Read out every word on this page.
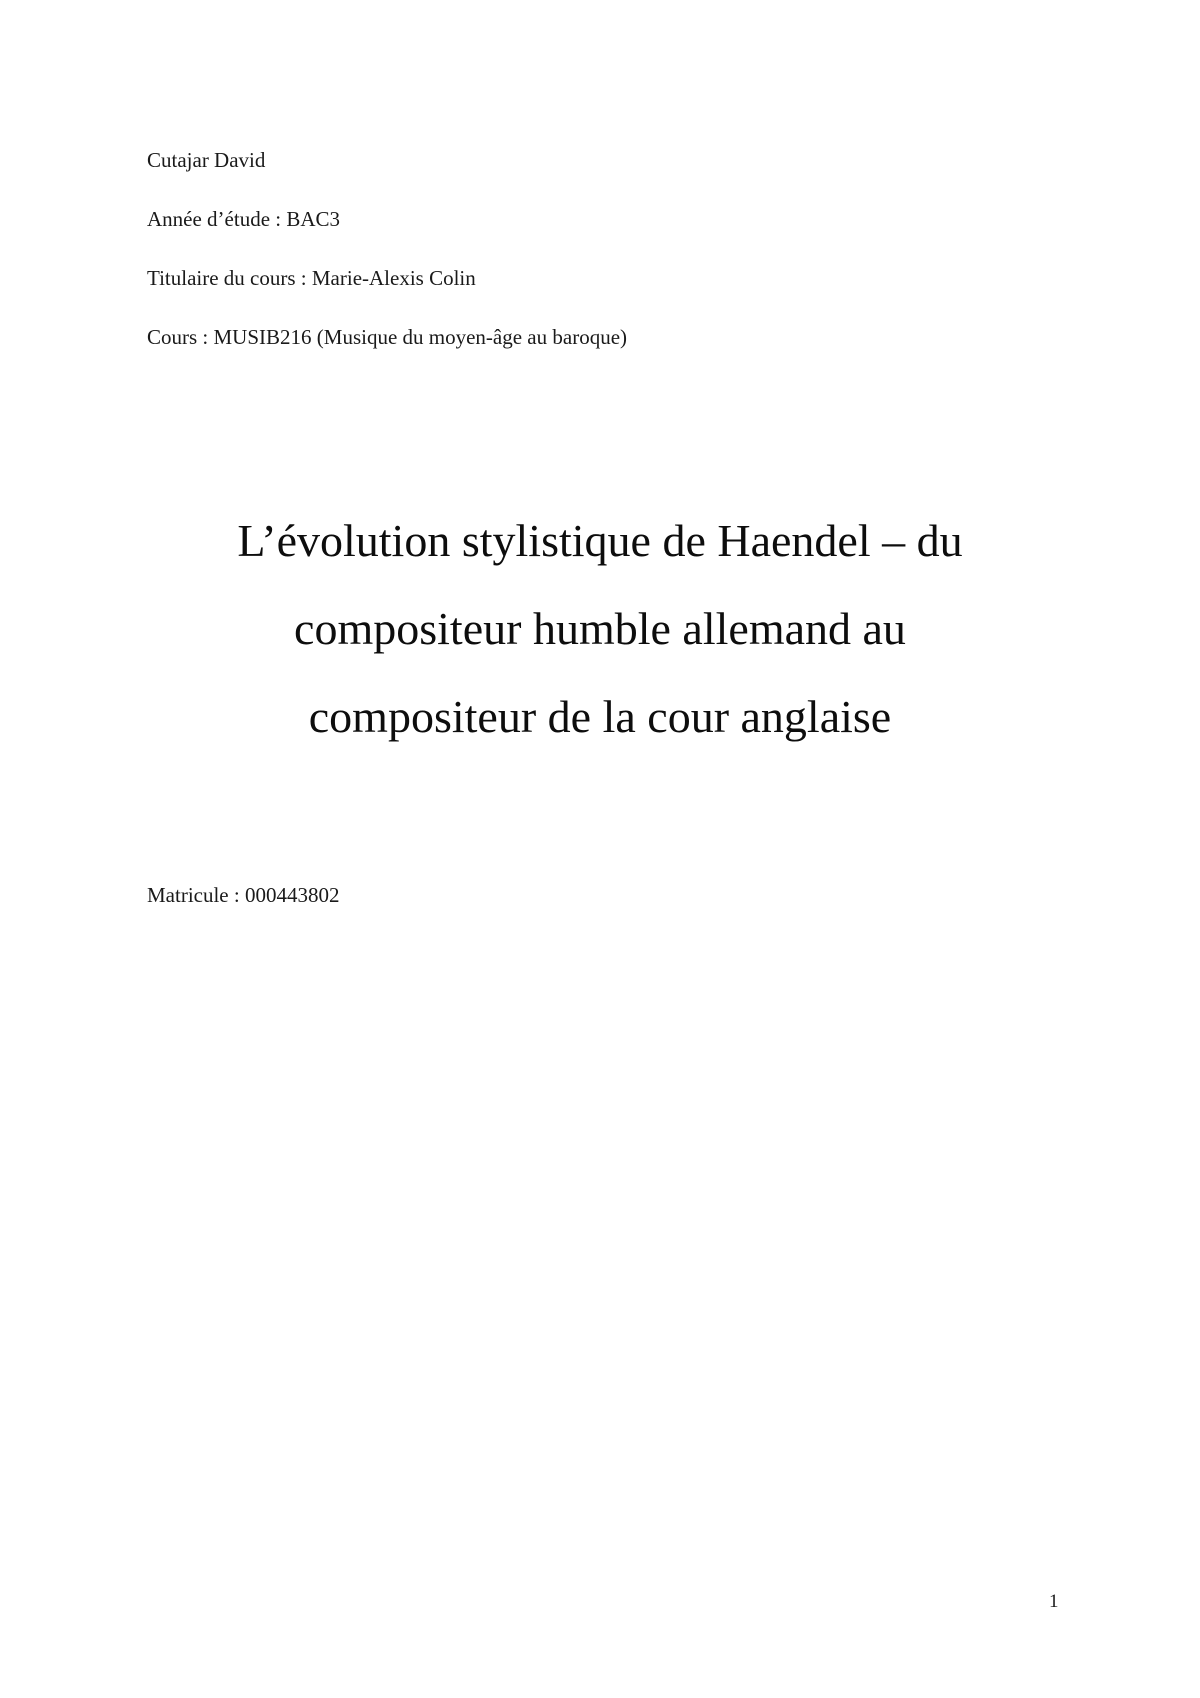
Cutajar David
Année d’étude : BAC3
Titulaire du cours : Marie-Alexis Colin
Cours : MUSIB216 (Musique du moyen-âge au baroque)
L’évolution stylistique de Haendel – du
compositeur humble allemand au
compositeur de la cour anglaise
Matricule : 000443802
1
